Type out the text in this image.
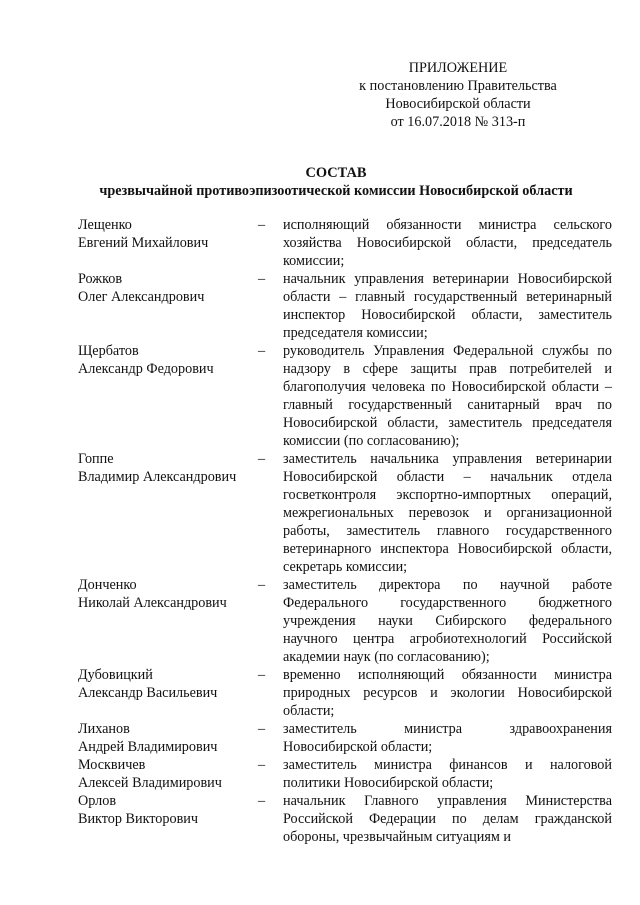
ПРИЛОЖЕНИЕ
к постановлению Правительства
Новосибирской области
от 16.07.2018 № 313-п
СОСТАВ
чрезвычайной противоэпизоотической комиссии Новосибирской области
Лещенко
Евгений Михайлович
–	исполняющий обязанности министра сельского хозяйства Новосибирской области, председатель комиссии;
Рожков
Олег Александрович
–	начальник управления ветеринарии Новосибирской области – главный государственный ветеринарный инспектор Новосибирской области, заместитель председателя комиссии;
Щербатов
Александр Федорович
–	руководитель Управления Федеральной службы по надзору в сфере защиты прав потребителей и благополучия человека по Новосибирской области – главный государственный санитарный врач по Новосибирской области, заместитель председателя комиссии (по согласованию);
Гоппе
Владимир Александрович
–	заместитель начальника управления ветеринарии Новосибирской области – начальник отдела госветконтроля экспортно-импортных операций, межрегиональных перевозок и организационной работы, заместитель главного государственного ветеринарного инспектора Новосибирской области, секретарь комиссии;
Донченко
Николай Александрович
–	заместитель директора по научной работе Федерального государственного бюджетного учреждения науки Сибирского федерального научного центра агробиотехнологий Российской академии наук (по согласованию);
Дубовицкий
Александр Васильевич
–	временно исполняющий обязанности министра природных ресурсов и экологии Новосибирской области;
Лиханов
Андрей Владимирович
–	заместитель министра здравоохранения Новосибирской области;
Москвичев
Алексей Владимирович
–	заместитель министра финансов и налоговой политики Новосибирской области;
Орлов
Виктор Викторович
–	начальник Главного управления Министерства Российской Федерации по делам гражданской обороны, чрезвычайным ситуациям и
